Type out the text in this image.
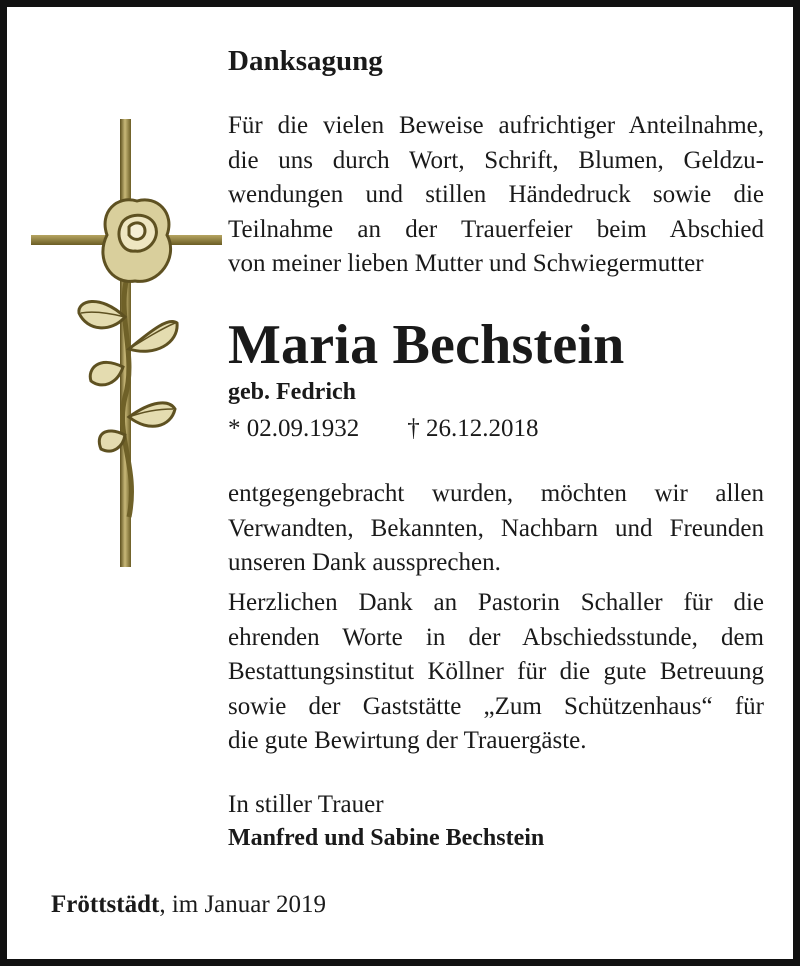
Danksagung
Für die vielen Beweise aufrichtiger Anteilnahme,
die uns durch Wort, Schrift, Blumen, Geldzu-
wendungen und stillen Händedruck sowie die
Teilnahme an der Trauerfeier beim Abschied
von meiner lieben Mutter und Schwiegermutter
Maria Bechstein
geb. Fedrich
* 02.09.1932 † 26.12.2018
entgegengebracht wurden, möchten wir allen
Verwandten, Bekannten, Nachbarn und Freunden
unseren Dank aussprechen.
Herzlichen Dank an Pastorin Schaller für die
ehrenden Worte in der Abschiedsstunde, dem
Bestattungsinstitut Köllner für die gute Betreuung
sowie der Gaststätte „Zum Schützenhaus“ für
die gute Bewirtung der Trauergäste.
In stiller Trauer
Manfred und Sabine Bechstein
Fröttstädt, im Januar 2019
